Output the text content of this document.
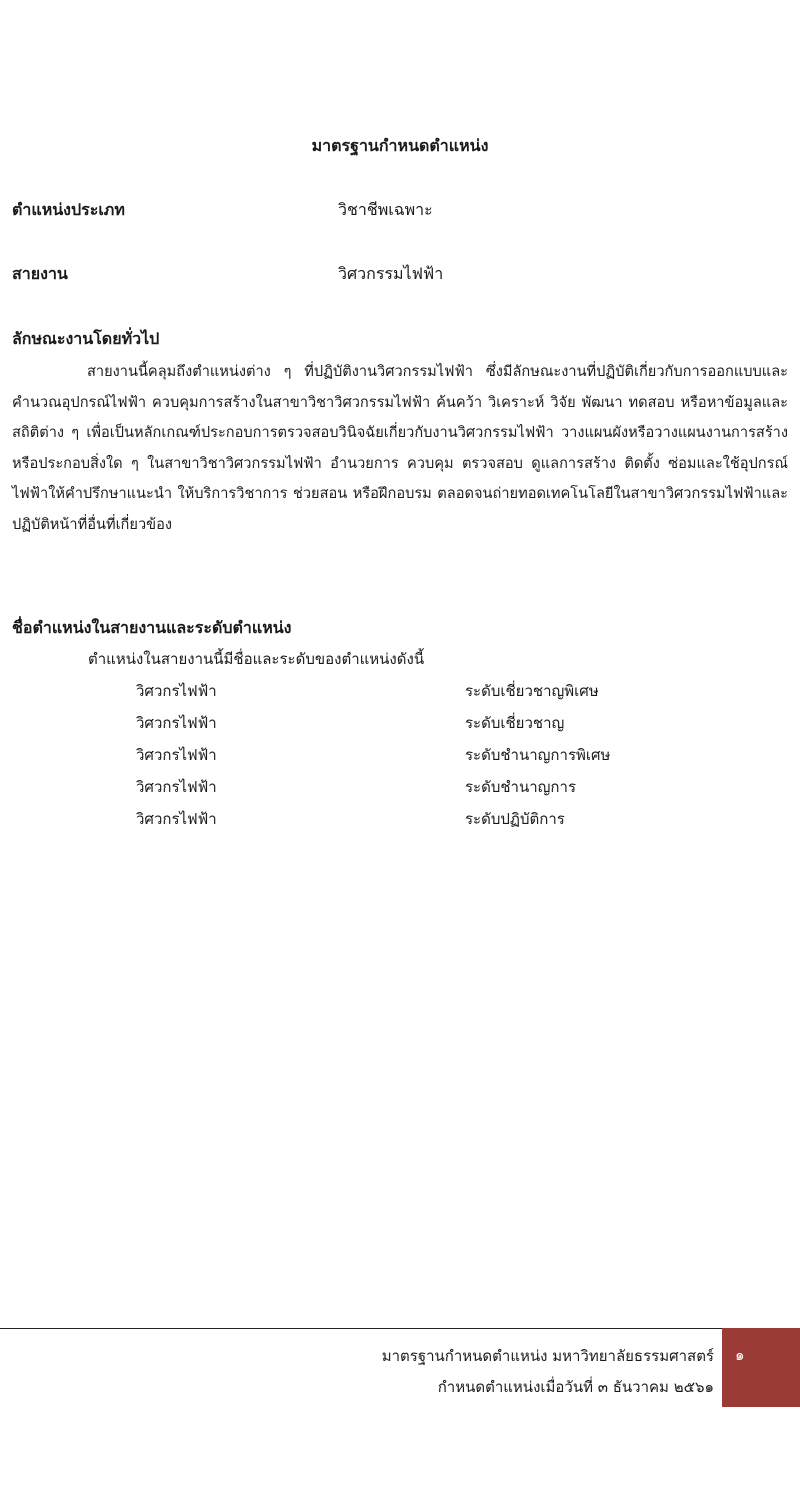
มาตรฐานกำหนดตำแหน่ง
ตำแหน่งประเภท	วิชาชีพเฉพาะ
สายงาน	วิศวกรรมไฟฟ้า
ลักษณะงานโดยทั่วไป

สายงานนี้คลุมถึงตำแหน่งต่าง ๆ ที่ปฏิบัติงานวิศวกรรมไฟฟ้า ซึ่งมีลักษณะงานที่ปฏิบัติเกี่ยวกับการออกแบบและคำนวณอุปกรณ์ไฟฟ้า ควบคุมการสร้างในสาขาวิชาวิศวกรรมไฟฟ้า ค้นคว้า วิเคราะห์ วิจัย พัฒนา ทดสอบ หรือหาข้อมูลและสถิติต่าง ๆ เพื่อเป็นหลักเกณฑ์ประกอบการตรวจสอบวินิจฉัยเกี่ยวกับงานวิศวกรรมไฟฟ้า วางแผนผังหรือวางแผนงานการสร้างหรือประกอบสิ่งใด ๆ ในสาขาวิชาวิศวกรรมไฟฟ้า อำนวยการ ควบคุม ตรวจสอบ ดูแลการสร้าง ติดตั้ง ซ่อมและใช้อุปกรณ์ไฟฟ้าให้คำปรึกษาแนะนำ ให้บริการวิชาการ ช่วยสอน หรือฝึกอบรม ตลอดจนถ่ายทอดเทคโนโลยีในสาขาวิศวกรรมไฟฟ้าและปฏิบัติหน้าที่อื่นที่เกี่ยวข้อง

ชื่อตำแหน่งในสายงานและระดับตำแหน่ง
ตำแหน่งในสายงานนี้มีชื่อและระดับของตำแหน่งดังนี้
วิศวกรไฟฟ้า	ระดับเชี่ยวชาญพิเศษ
วิศวกรไฟฟ้า	ระดับเชี่ยวชาญ
วิศวกรไฟฟ้า	ระดับชำนาญการพิเศษ
วิศวกรไฟฟ้า	ระดับชำนาญการ
วิศวกรไฟฟ้า	ระดับปฏิบัติการ
มาตรฐานกำหนดตำแหน่ง มหาวิทยาลัยธรรมศาสตร์
กำหนดตำแหน่งเมื่อวันที่ ๓ ธันวาคม ๒๕๖๑
๑
